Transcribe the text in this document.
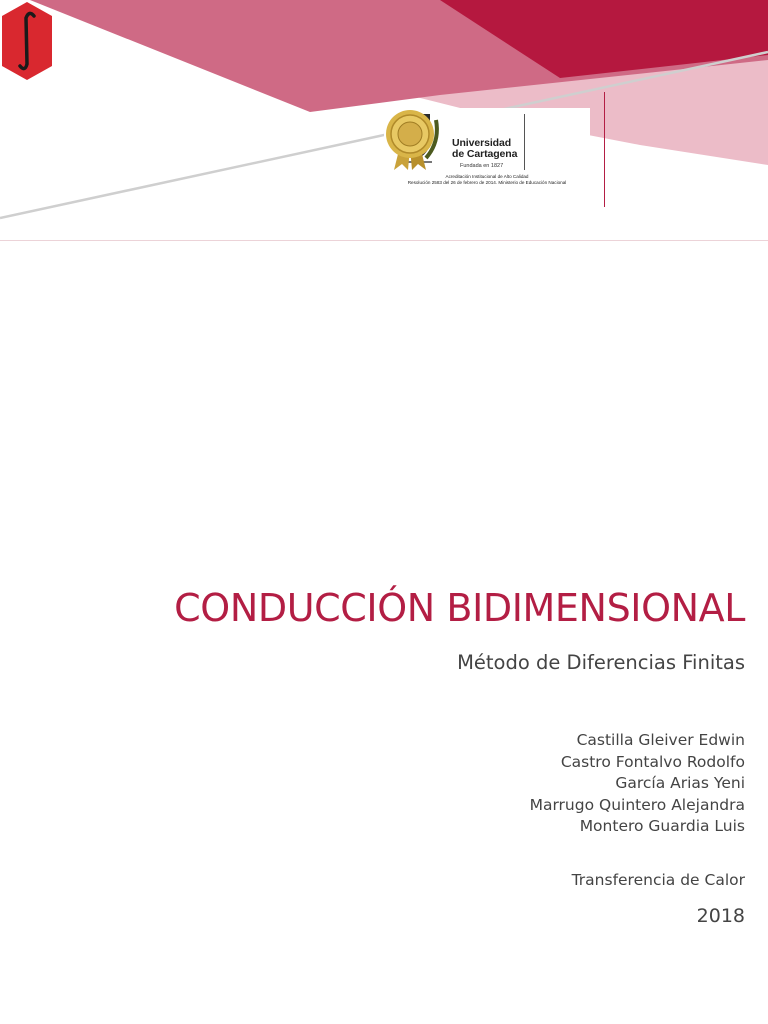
Universidad
de Cartagena
Fundada en 1827
Acreditación Institucional de Alto Calidad
Resolución 2583 del 26 de febrero de 2014. Ministerio de Educación Nacional
CONDUCCIÓN BIDIMENSIONAL
Método de Diferencias Finitas
Castilla Gleiver Edwin
Castro Fontalvo Rodolfo
García Arias Yeni
Marrugo Quintero Alejandra
Montero Guardia Luis
Transferencia de Calor
2018
